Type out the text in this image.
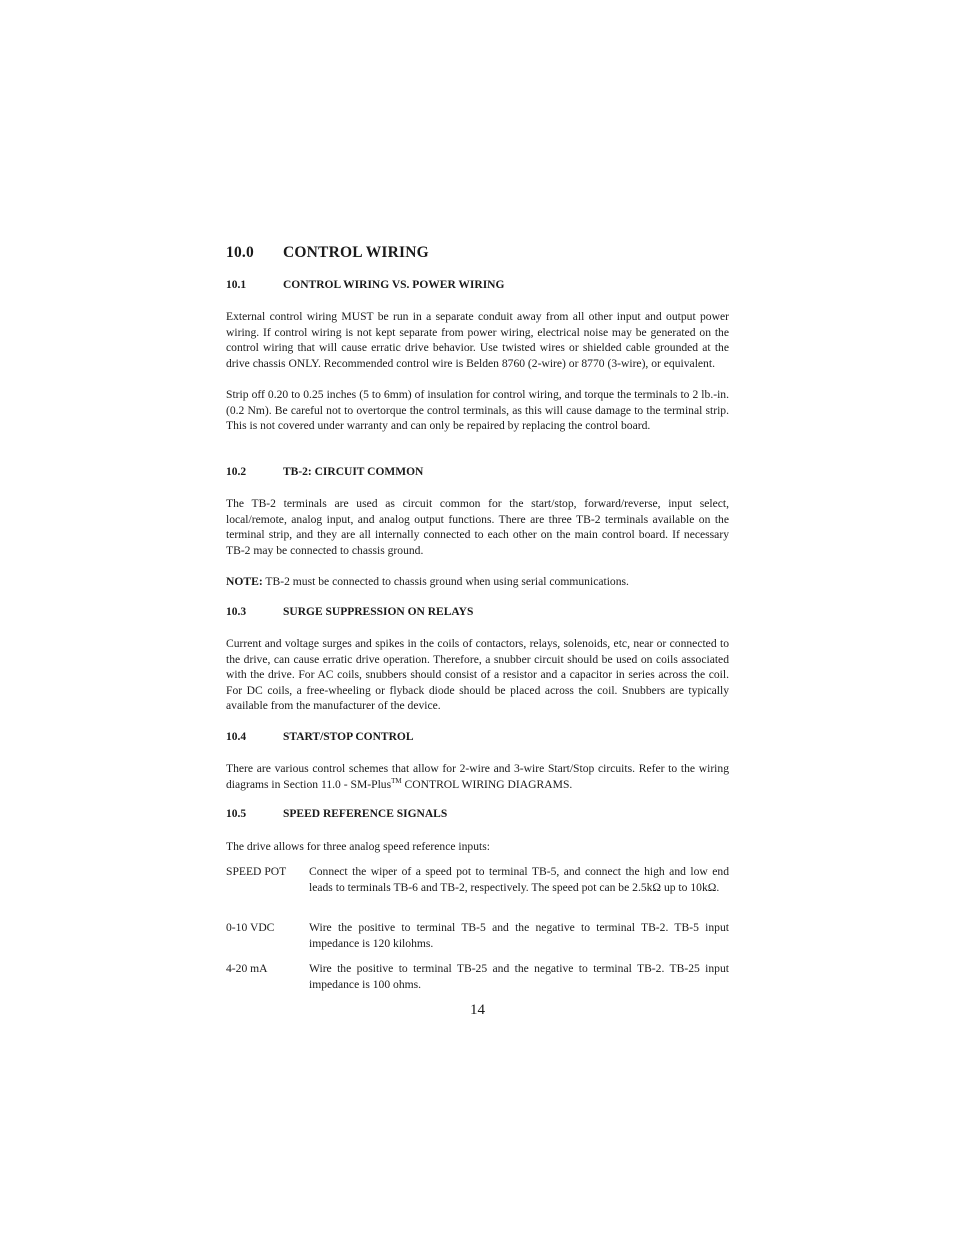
10.0 CONTROL WIRING
10.1	CONTROL WIRING VS. POWER WIRING
External control wiring MUST be run in a separate conduit away from all other input and output power wiring. If control wiring is not kept separate from power wiring, electrical noise may be generated on the control wiring that will cause erratic drive behavior. Use twisted wires or shielded cable grounded at the drive chassis ONLY. Recommended control wire is Belden 8760 (2-wire) or 8770 (3-wire), or equivalent.
Strip off 0.20 to 0.25 inches (5 to 6mm) of insulation for control wiring, and torque the terminals to 2 lb.-in. (0.2 Nm). Be careful not to overtorque the control terminals, as this will cause damage to the terminal strip. This is not covered under warranty and can only be repaired by replacing the control board.
10.2	TB-2: CIRCUIT COMMON
The TB-2 terminals are used as circuit common for the start/stop, forward/reverse, input select, local/remote, analog input, and analog output functions. There are three TB-2 terminals available on the terminal strip, and they are all internally connected to each other on the main control board. If necessary TB-2 may be connected to chassis ground.
NOTE: TB-2 must be connected to chassis ground when using serial communications.
10.3	SURGE SUPPRESSION ON RELAYS
Current and voltage surges and spikes in the coils of contactors, relays, solenoids, etc, near or connected to the drive, can cause erratic drive operation. Therefore, a snubber circuit should be used on coils associated with the drive. For AC coils, snubbers should consist of a resistor and a capacitor in series across the coil. For DC coils, a free-wheeling or flyback diode should be placed across the coil. Snubbers are typically available from the manufacturer of the device.
10.4	START/STOP CONTROL
There are various control schemes that allow for 2-wire and 3-wire Start/Stop circuits. Refer to the wiring diagrams in Section 11.0 - SM-Plus™ CONTROL WIRING DIAGRAMS.
10.5	SPEED REFERENCE SIGNALS
The drive allows for three analog speed reference inputs:
SPEED POT Connect the wiper of a speed pot to terminal TB-5, and connect the high and low end leads to terminals TB-6 and TB-2, respectively. The speed pot can be 2.5kΩ up to 10kΩ.
0-10 VDC	Wire the positive to terminal TB-5 and the negative to terminal TB-2. TB-5 input impedance is 120 kilohms.
4-20 mA	Wire the positive to terminal TB-25 and the negative to terminal TB-2. TB-25 input impedance is 100 ohms.
14
